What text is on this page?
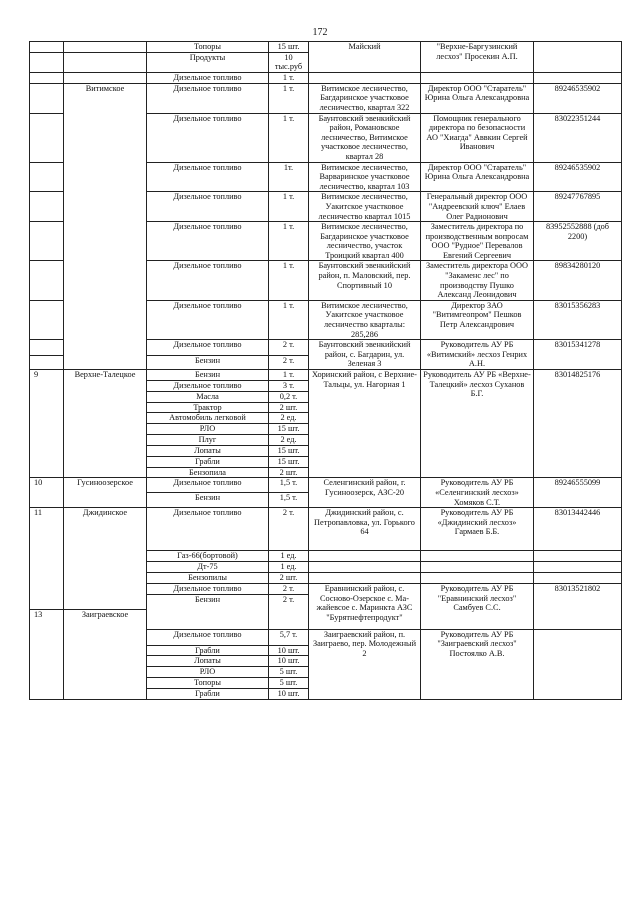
172
		Топоры	15 шт.	Майский	"Верхне-Баргузинский лесхоз" Просекин А.П.	
		Продукты	10 тыс.руб			
		Дизельное топливо	1 т.			
	Витимское	Дизельное топливо	1 т.	Витимское лесничество, Багдаринское участковое лесничество, квартал 322	Директор ООО "Старатель" Юрина Ольга Александровна	89246535902
		Дизельное топливо	1 т.	Баунтовский эвенкийский район, Романовское лесничество, Витимское участковое лесничество, квартал 28	Помощник генерального директора по безопасности АО "Хиагда" Аввкин Сергей Иванович	83022351244
		Дизельное топливо	1т.	Витимское лесничество, Варваринское участковое лесничество, квартал 103	Директор ООО "Старатель" Юрина Ольга Александровна	89246535902
		Дизельное топливо	1 т.	Витимское лесничество, Уакитское участковое лесничество квартал 1015	Генеральный директор ООО "Андреевский ключ" Елаев Олег Радионович	89247767895
		Дизельное топливо	1 т.	Витимское лесничество, Багдаринское участковое лесничество, участок Троицкий квартал 400	Заместитель директора по производственным вопросам ООО "Рудное" Перевалов Евгений Сергеевич	83952552888 (доб 2200)
		Дизельное топливо	1 т.	Баунтовский эвенкийский район, п. Маловский, пер. Спортивный 10	Заместитель директора ООО "Закаменс лес" по производству Пушко Александ Леонидович	89834280120
		Дизельное топливо	1 т.	Витимское лесничество, Уакитское участковое лесничество кварталы: 285,286	Директор ЗАО "Витимгеопром" Пешков Петр Александрович	83015356283
		Дизельное топливо	2 т.	Баунтовский эвенкийский район, с. Багдарин, ул. Зеленая 3	Руководитель АУ РБ «Витимский» лесхоз Генрих А.Н.	83015341278
		Бензин	2 т.			
9	Верхне-Талецкое	Бензин	1 т.	Хоринский район, с Верхние-Тальцы, ул. Нагорная 1	Руководитель АУ РБ «Верхне-Талецкий» лесхоз Суханов Б.Г.	83014825176
		Дизельное топливо	3 т.			
		Масла	0,2 т.			
		Трактор	2 шт.			
		Автомобиль легковой	2 ед.			
		РЛО	15 шт.			
		Плуг	2 ед.			
		Лопаты	15 шт.			
		Грабли	15 шт.			
		Бензопила	2 шт.			
10	Гусиноозерское	Дизельное топливо	1,5 т.	Селенгинский район, г. Гусиноозерск, АЗС-20	Руководитель АУ РБ «Селенгинский лесхоз» Хомяков С.Т.	89246555099
		Бензин	1,5 т.			
11	Джидинское	Дизельное топливо	2 т.	Джидинский район, с. Петропавловка, ул. Горького 64	Руководитель АУ РБ «Джидинский лесхоз» Гармаев Б.Б.	83013442446

		Газ-66(бортовой)	1 ед.			
		Дт-75	1 ед.			
		Бензопилы	2 шт.			
		Дизельное топливо	2 т.	Еравнинский район, с. Сосново-Озерское с. Ма-жайевсое с. Маринкта АЗС "Бурятнефтепродукт"	Руководитель АУ РБ "Еравнинский лесхоз" Самбуев С.С.	83013521802
		Бензин	2 т.			
13	Заиграевское					
		Дизельное топливо	5,7 т.	Заиграевский район, п. Заиграево, пер. Молодежный 2	Руководитель АУ РБ "Заиграевский лесхоз" Постоялко А.В.	
		Грабли	10 шт.			
		Лопаты	10 шт.			
		РЛО	5 шт.			
		Топоры	5 шт.			
		Грабли	10 шт.			
